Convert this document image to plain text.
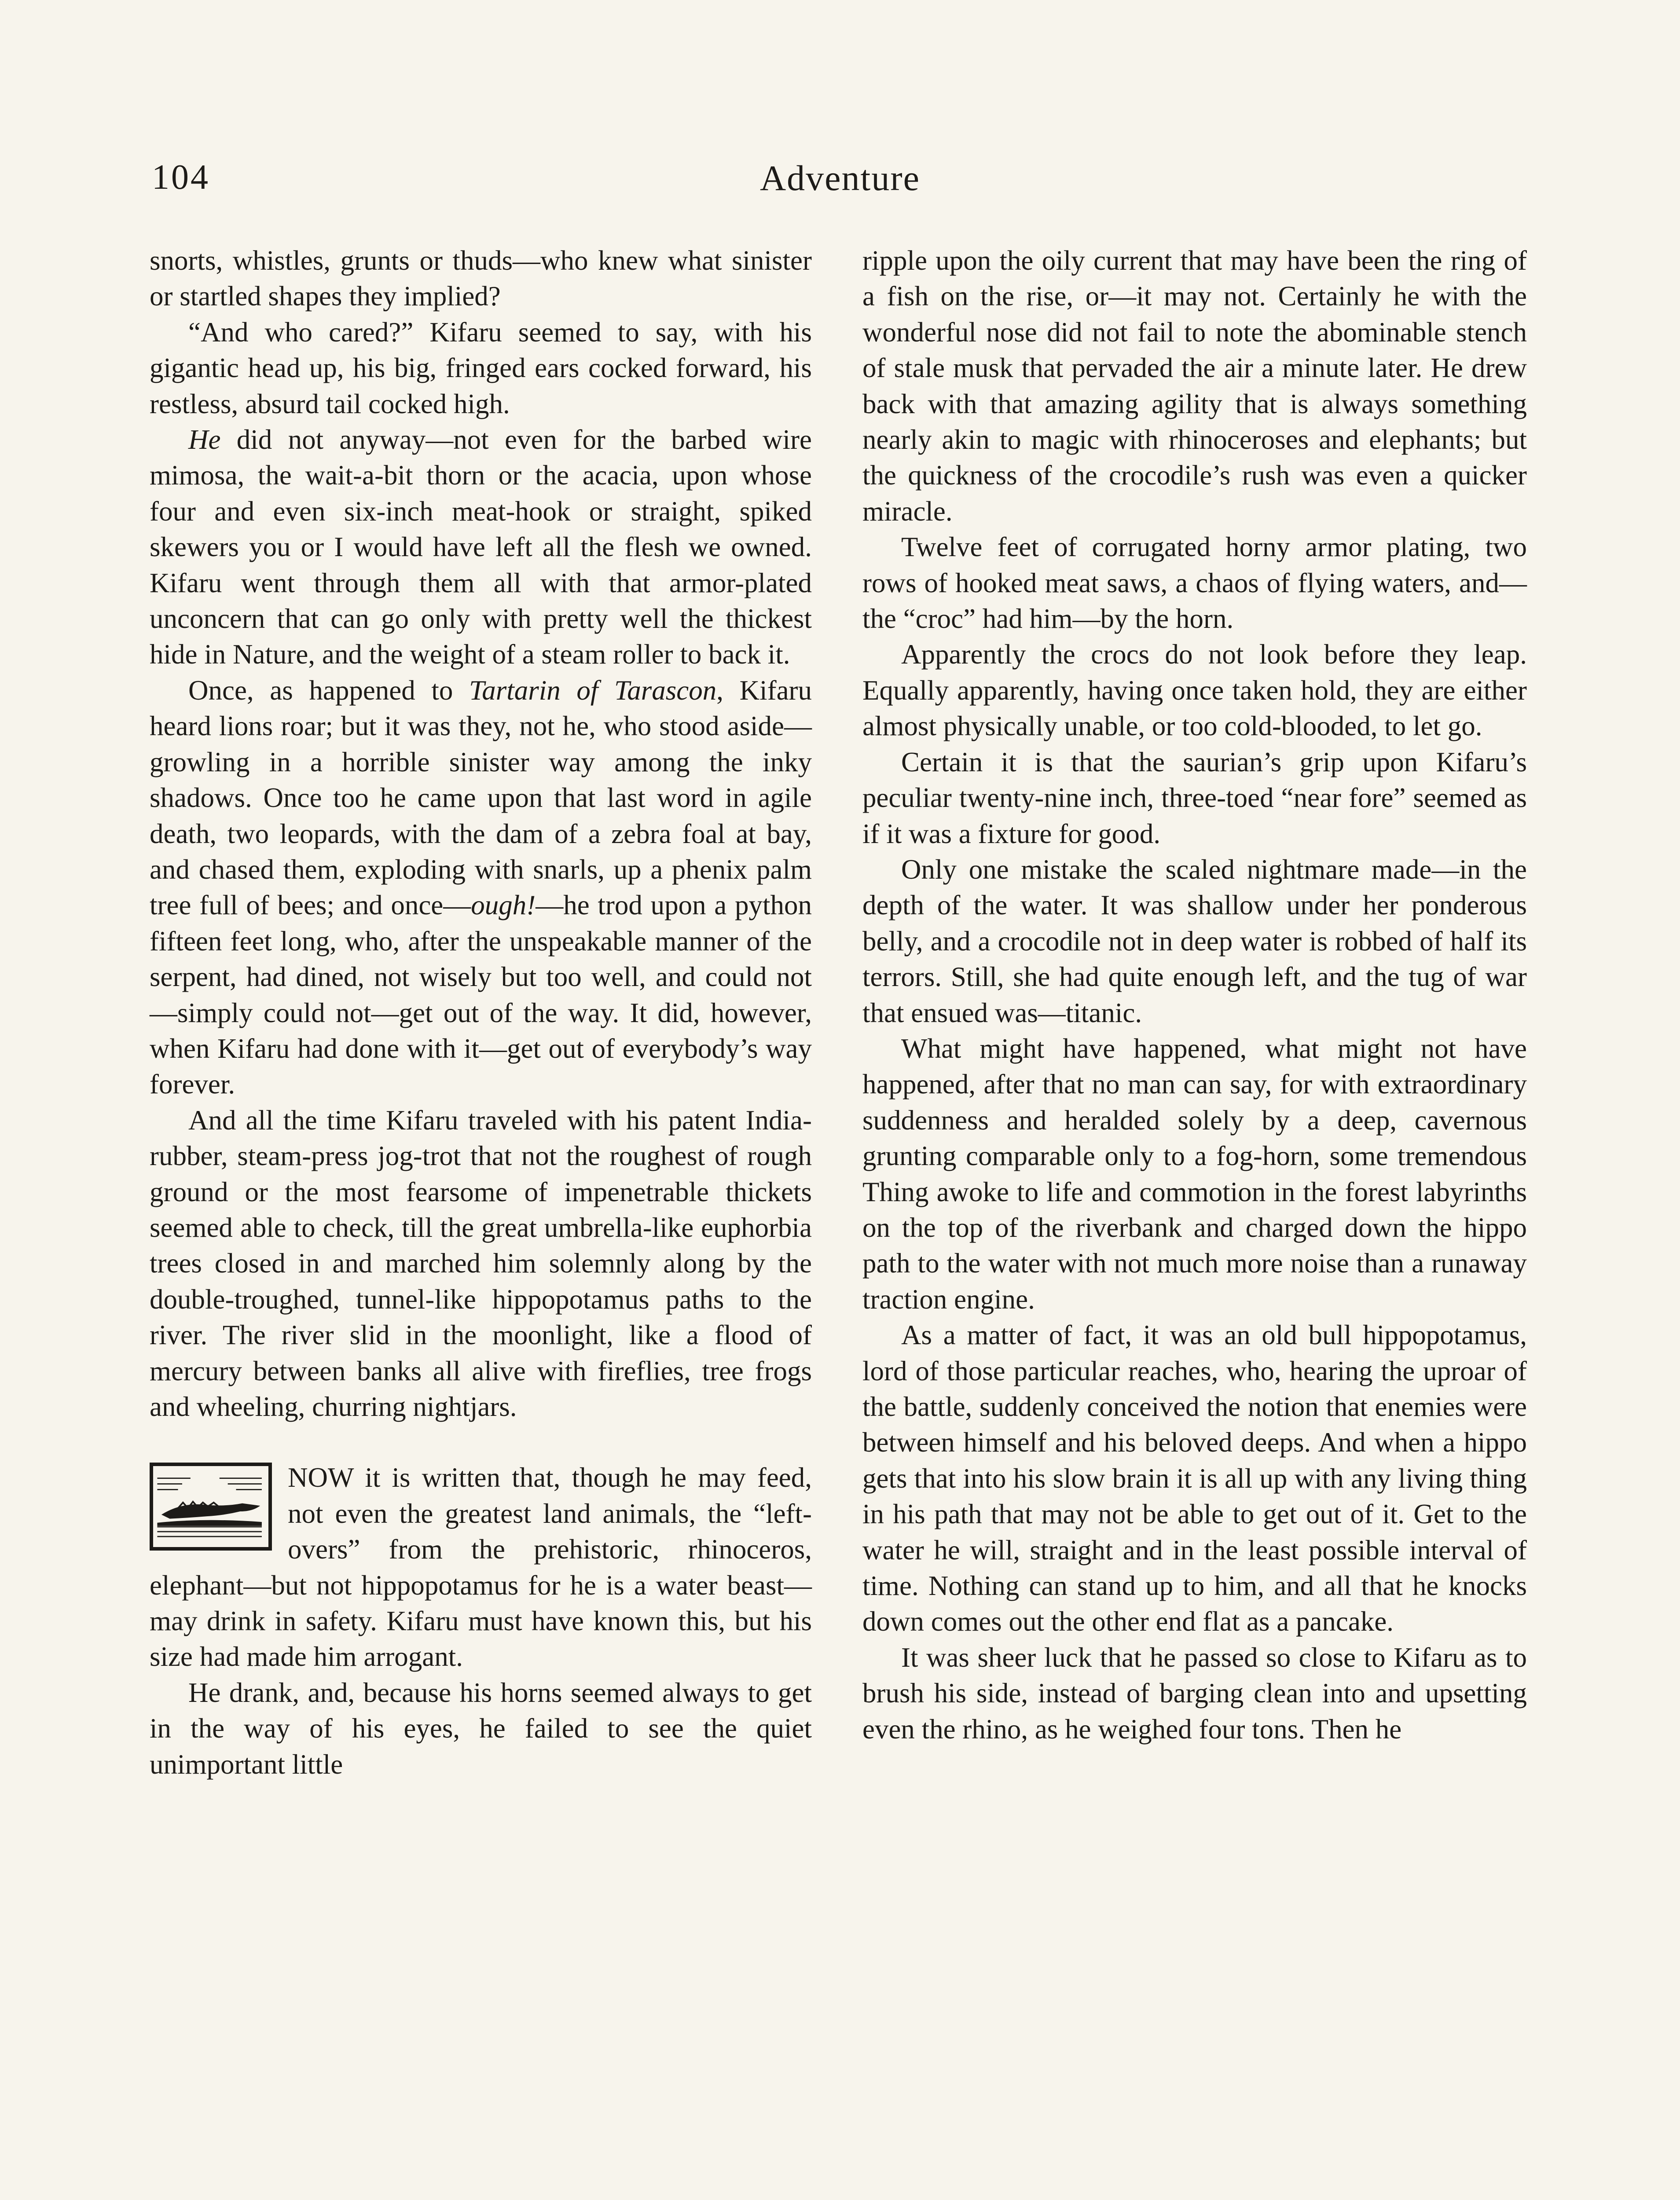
104	Adventure

snorts, whistles, grunts or thuds—who knew what sinister or startled shapes they implied?

“And who cared?” Kifaru seemed to say, with his gigantic head up, his big, fringed ears cocked forward, his restless, absurd tail cocked high.

He did not anyway—not even for the barbed wire mimosa, the wait-a-bit thorn or the acacia, upon whose four and even six-inch meat-hook or straight, spiked skewers you or I would have left all the flesh we owned. Kifaru went through them all with that armor-plated unconcern that can go only with pretty well the thickest hide in Nature, and the weight of a steam roller to back it.

Once, as happened to Tartarin of Tarascon, Kifaru heard lions roar; but it was they, not he, who stood aside—growling in a horrible sinister way among the inky shadows. Once too he came upon that last word in agile death, two leopards, with the dam of a zebra foal at bay, and chased them, exploding with snarls, up a phenix palm tree full of bees; and once—ough!—he trod upon a python fifteen feet long, who, after the unspeakable manner of the serpent, had dined, not wisely but too well, and could not—simply could not—get out of the way. It did, however, when Kifaru had done with it—get out of everybody’s way forever.

And all the time Kifaru traveled with his patent India-rubber, steam-press jog-trot that not the roughest of rough ground or the most fearsome of impenetrable thickets seemed able to check, till the great umbrella-like euphorbia trees closed in and marched him solemnly along by the double-troughed, tunnel-like hippopotamus paths to the river. The river slid in the moonlight, like a flood of mercury between banks all alive with fireflies, tree frogs and wheeling, churring nightjars.

NOW it is written that, though he may feed, not even the greatest land animals, the “left-overs” from the prehistoric, rhinoceros, elephant—but not hippopotamus for he is a water beast—may drink in safety. Kifaru must have known this, but his size had made him arrogant.

He drank, and, because his horns seemed always to get in the way of his eyes, he failed to see the quiet unimportant little

ripple upon the oily current that may have been the ring of a fish on the rise, or—it may not. Certainly he with the wonderful nose did not fail to note the abominable stench of stale musk that pervaded the air a minute later. He drew back with that amazing agility that is always something nearly akin to magic with rhinoceroses and elephants; but the quickness of the crocodile’s rush was even a quicker miracle.

Twelve feet of corrugated horny armor plating, two rows of hooked meat saws, a chaos of flying waters, and—the “croc” had him—by the horn.

Apparently the crocs do not look before they leap. Equally apparently, having once taken hold, they are either almost physically unable, or too cold-blooded, to let go.

Certain it is that the saurian’s grip upon Kifaru’s peculiar twenty-nine inch, three-toed “near fore” seemed as if it was a fixture for good.

Only one mistake the scaled nightmare made—in the depth of the water. It was shallow under her ponderous belly, and a crocodile not in deep water is robbed of half its terrors. Still, she had quite enough left, and the tug of war that ensued was—titanic.

What might have happened, what might not have happened, after that no man can say, for with extraordinary suddenness and heralded solely by a deep, cavernous grunting comparable only to a fog-horn, some tremendous Thing awoke to life and commotion in the forest labyrinths on the top of the riverbank and charged down the hippo path to the water with not much more noise than a runaway traction engine.

As a matter of fact, it was an old bull hippopotamus, lord of those particular reaches, who, hearing the uproar of the battle, suddenly conceived the notion that enemies were between himself and his beloved deeps. And when a hippo gets that into his slow brain it is all up with any living thing in his path that may not be able to get out of it. Get to the water he will, straight and in the least possible interval of time. Nothing can stand up to him, and all that he knocks down comes out the other end flat as a pancake.

It was sheer luck that he passed so close to Kifaru as to brush his side, instead of barging clean into and upsetting even the rhino, as he weighed four tons. Then he
